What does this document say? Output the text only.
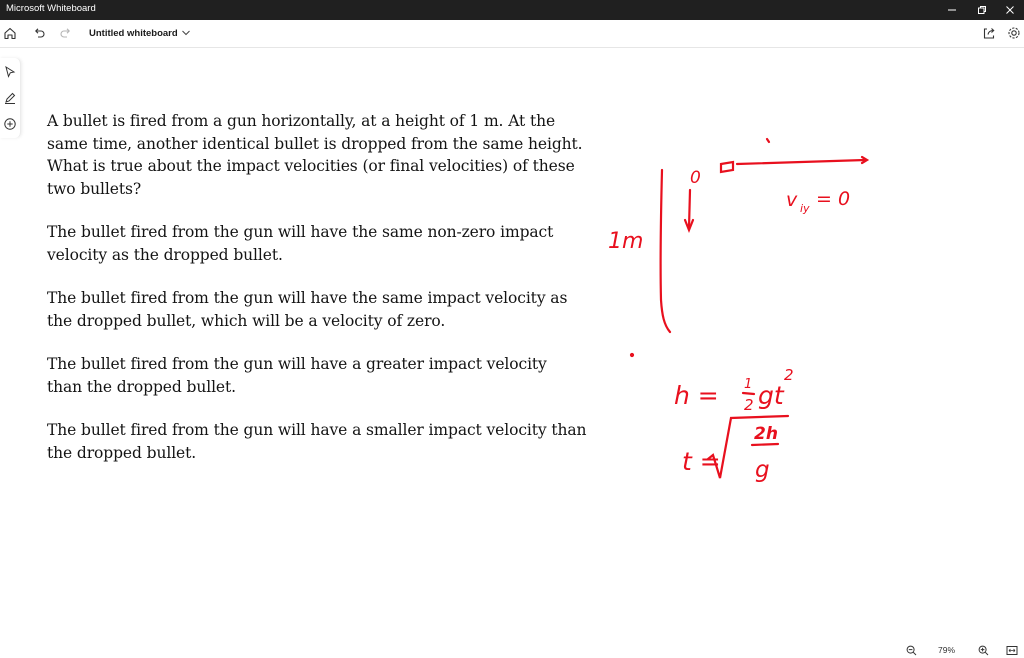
Microsoft Whiteboard
Untitled whiteboard

A bullet is fired from a gun horizontally, at a height of 1 m. At the
same time, another identical bullet is dropped from the same height.
What is true about the impact velocities (or final velocities) of these
two bullets?

The bullet fired from the gun will have the same non-zero impact
velocity as the dropped bullet.

The bullet fired from the gun will have the same impact velocity as
the dropped bullet, which will be a velocity of zero.

The bullet fired from the gun will have a greater impact velocity
than the dropped bullet.

The bullet fired from the gun will have a smaller impact velocity than
the dropped bullet.

1m
0
v iy = 0
h = 1
2 gt
2
t =
2h
g
79%
